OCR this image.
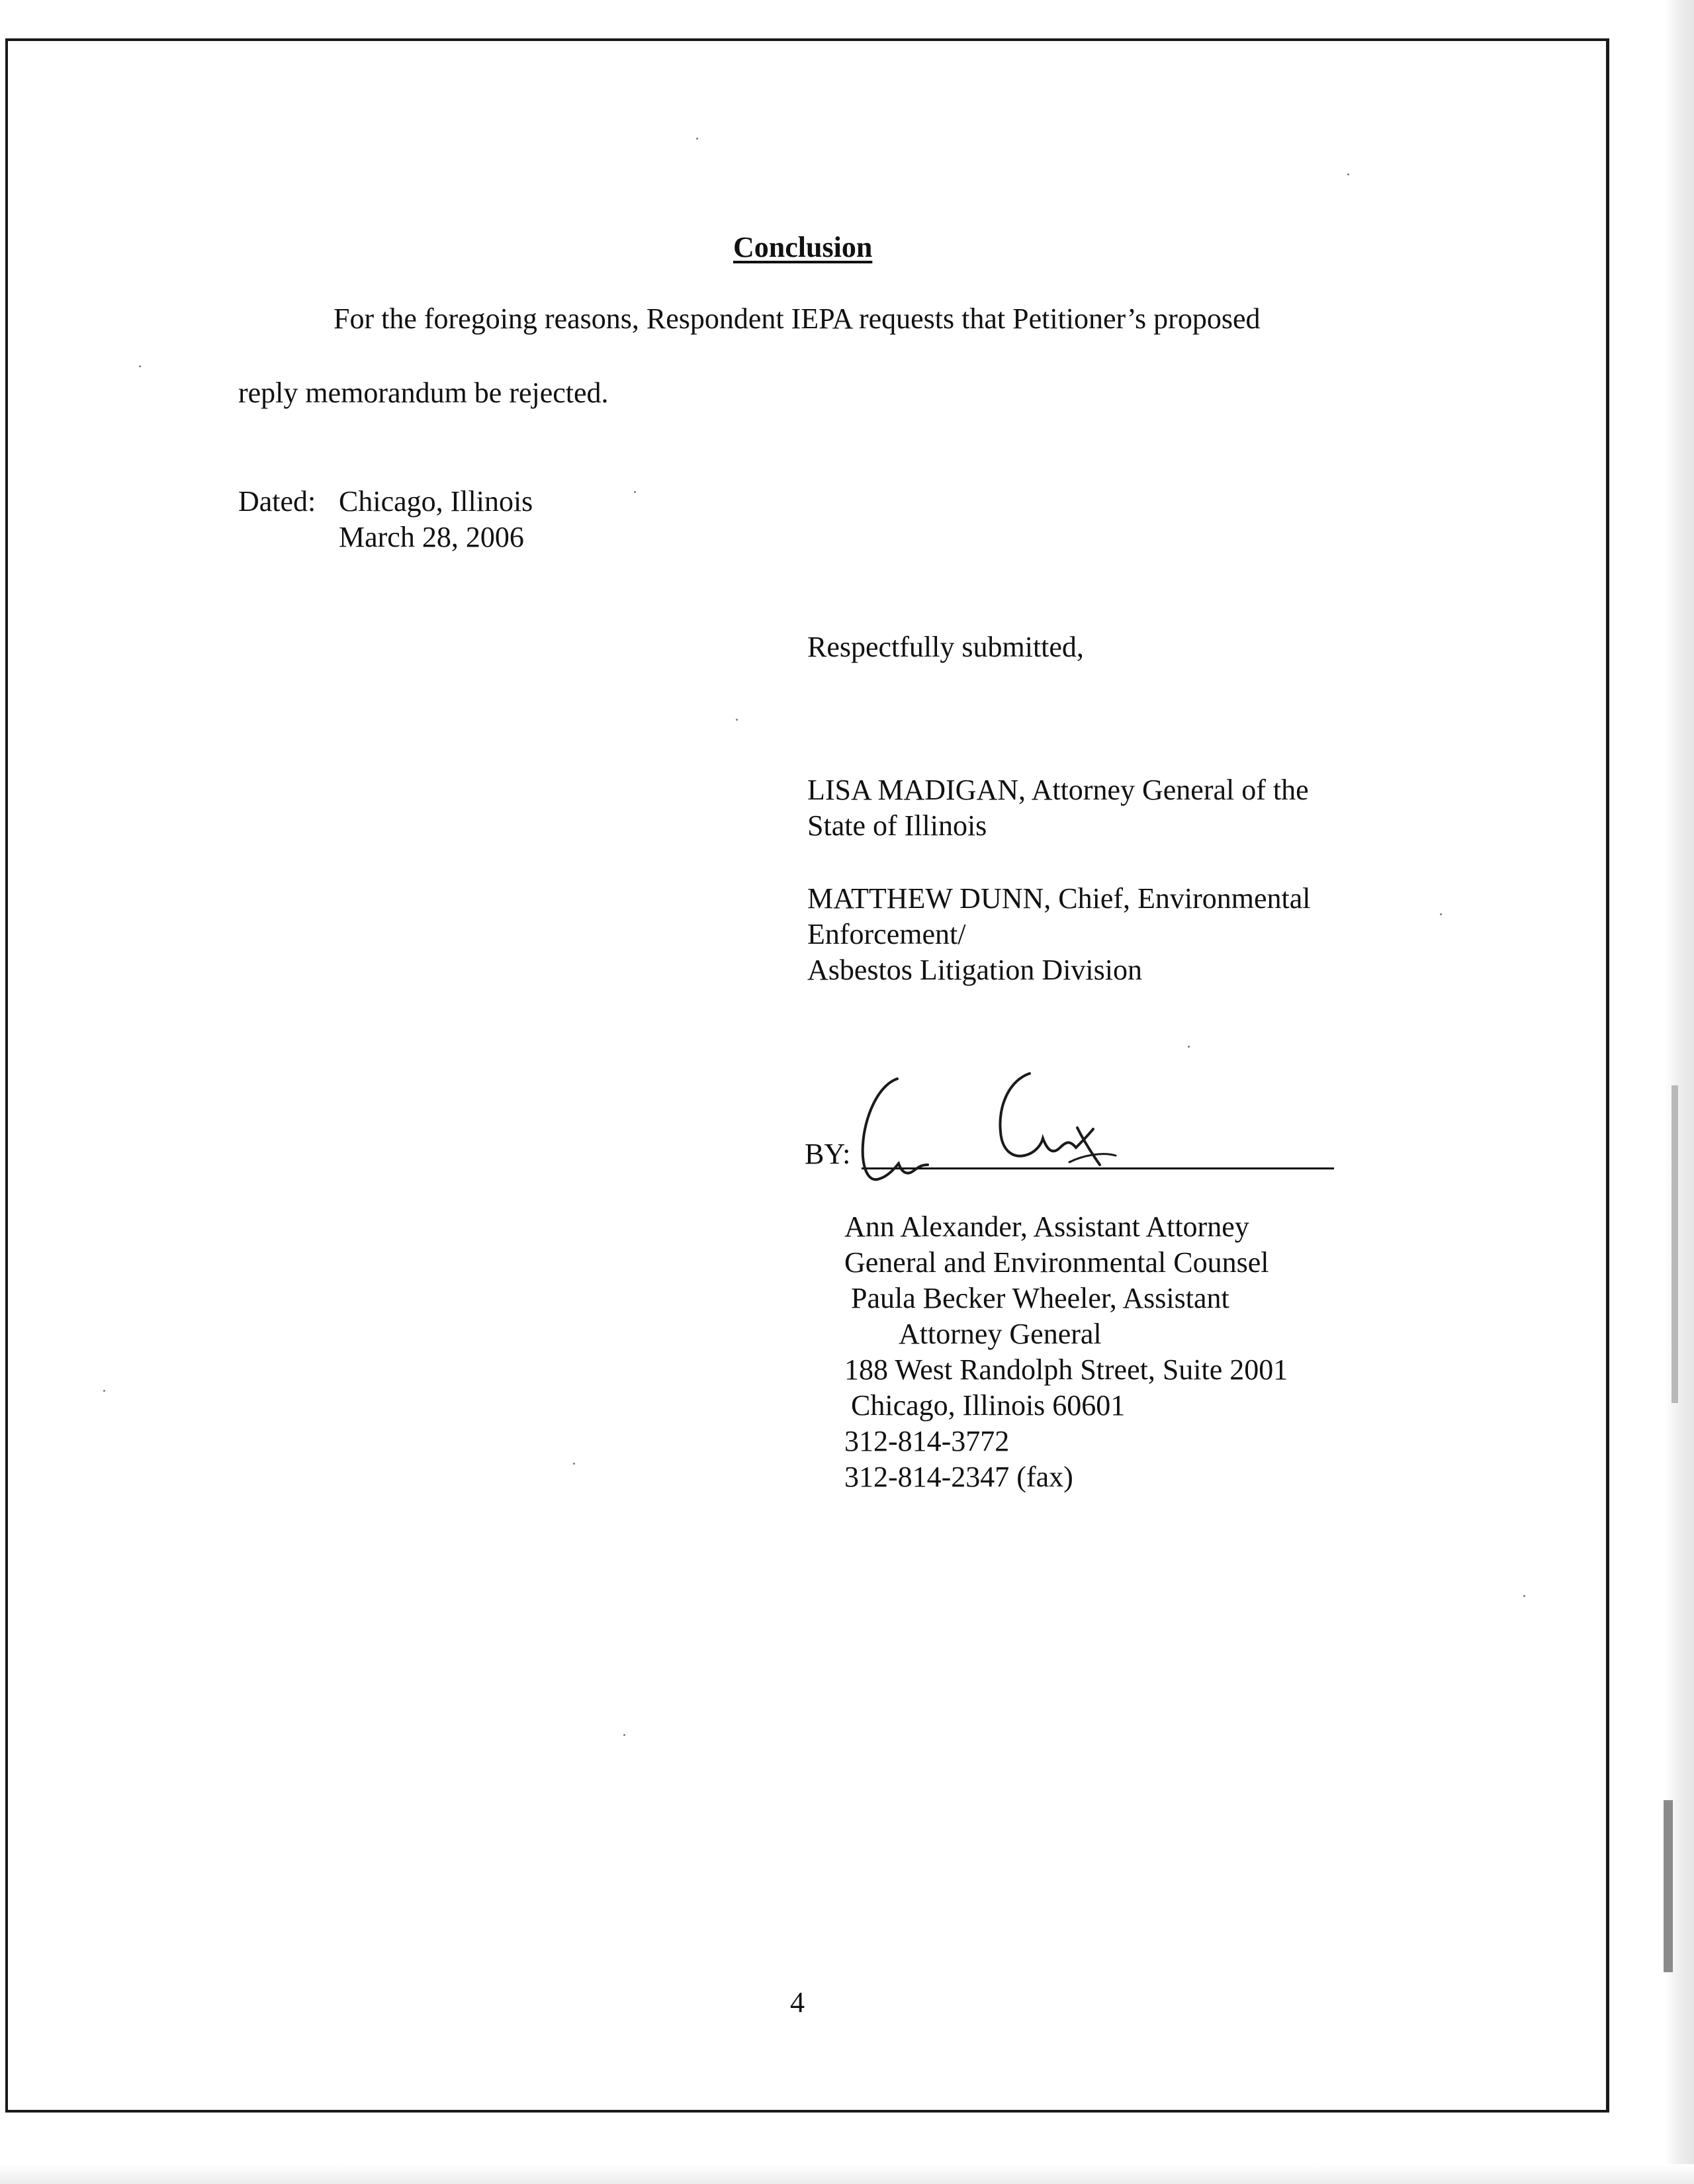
Conclusion

For the foregoing reasons, Respondent IEPA requests that Petitioner’s proposed

reply memorandum be rejected.

Dated: Chicago, Illinois

March 28, 2006

Respectfully submitted,

LISA MADIGAN, Attorney General of the

State of Illinois

MATTHEW DUNN, Chief, Environmental

Enforcement/

Asbestos Litigation Division

BY:

Ann Alexander, Assistant Attorney

General and Environmental Counsel

Paula Becker Wheeler, Assistant

Attorney General

188 West Randolph Street, Suite 2001

Chicago, Illinois 60601

312-814-3772

312-814-2347 (fax)

4
